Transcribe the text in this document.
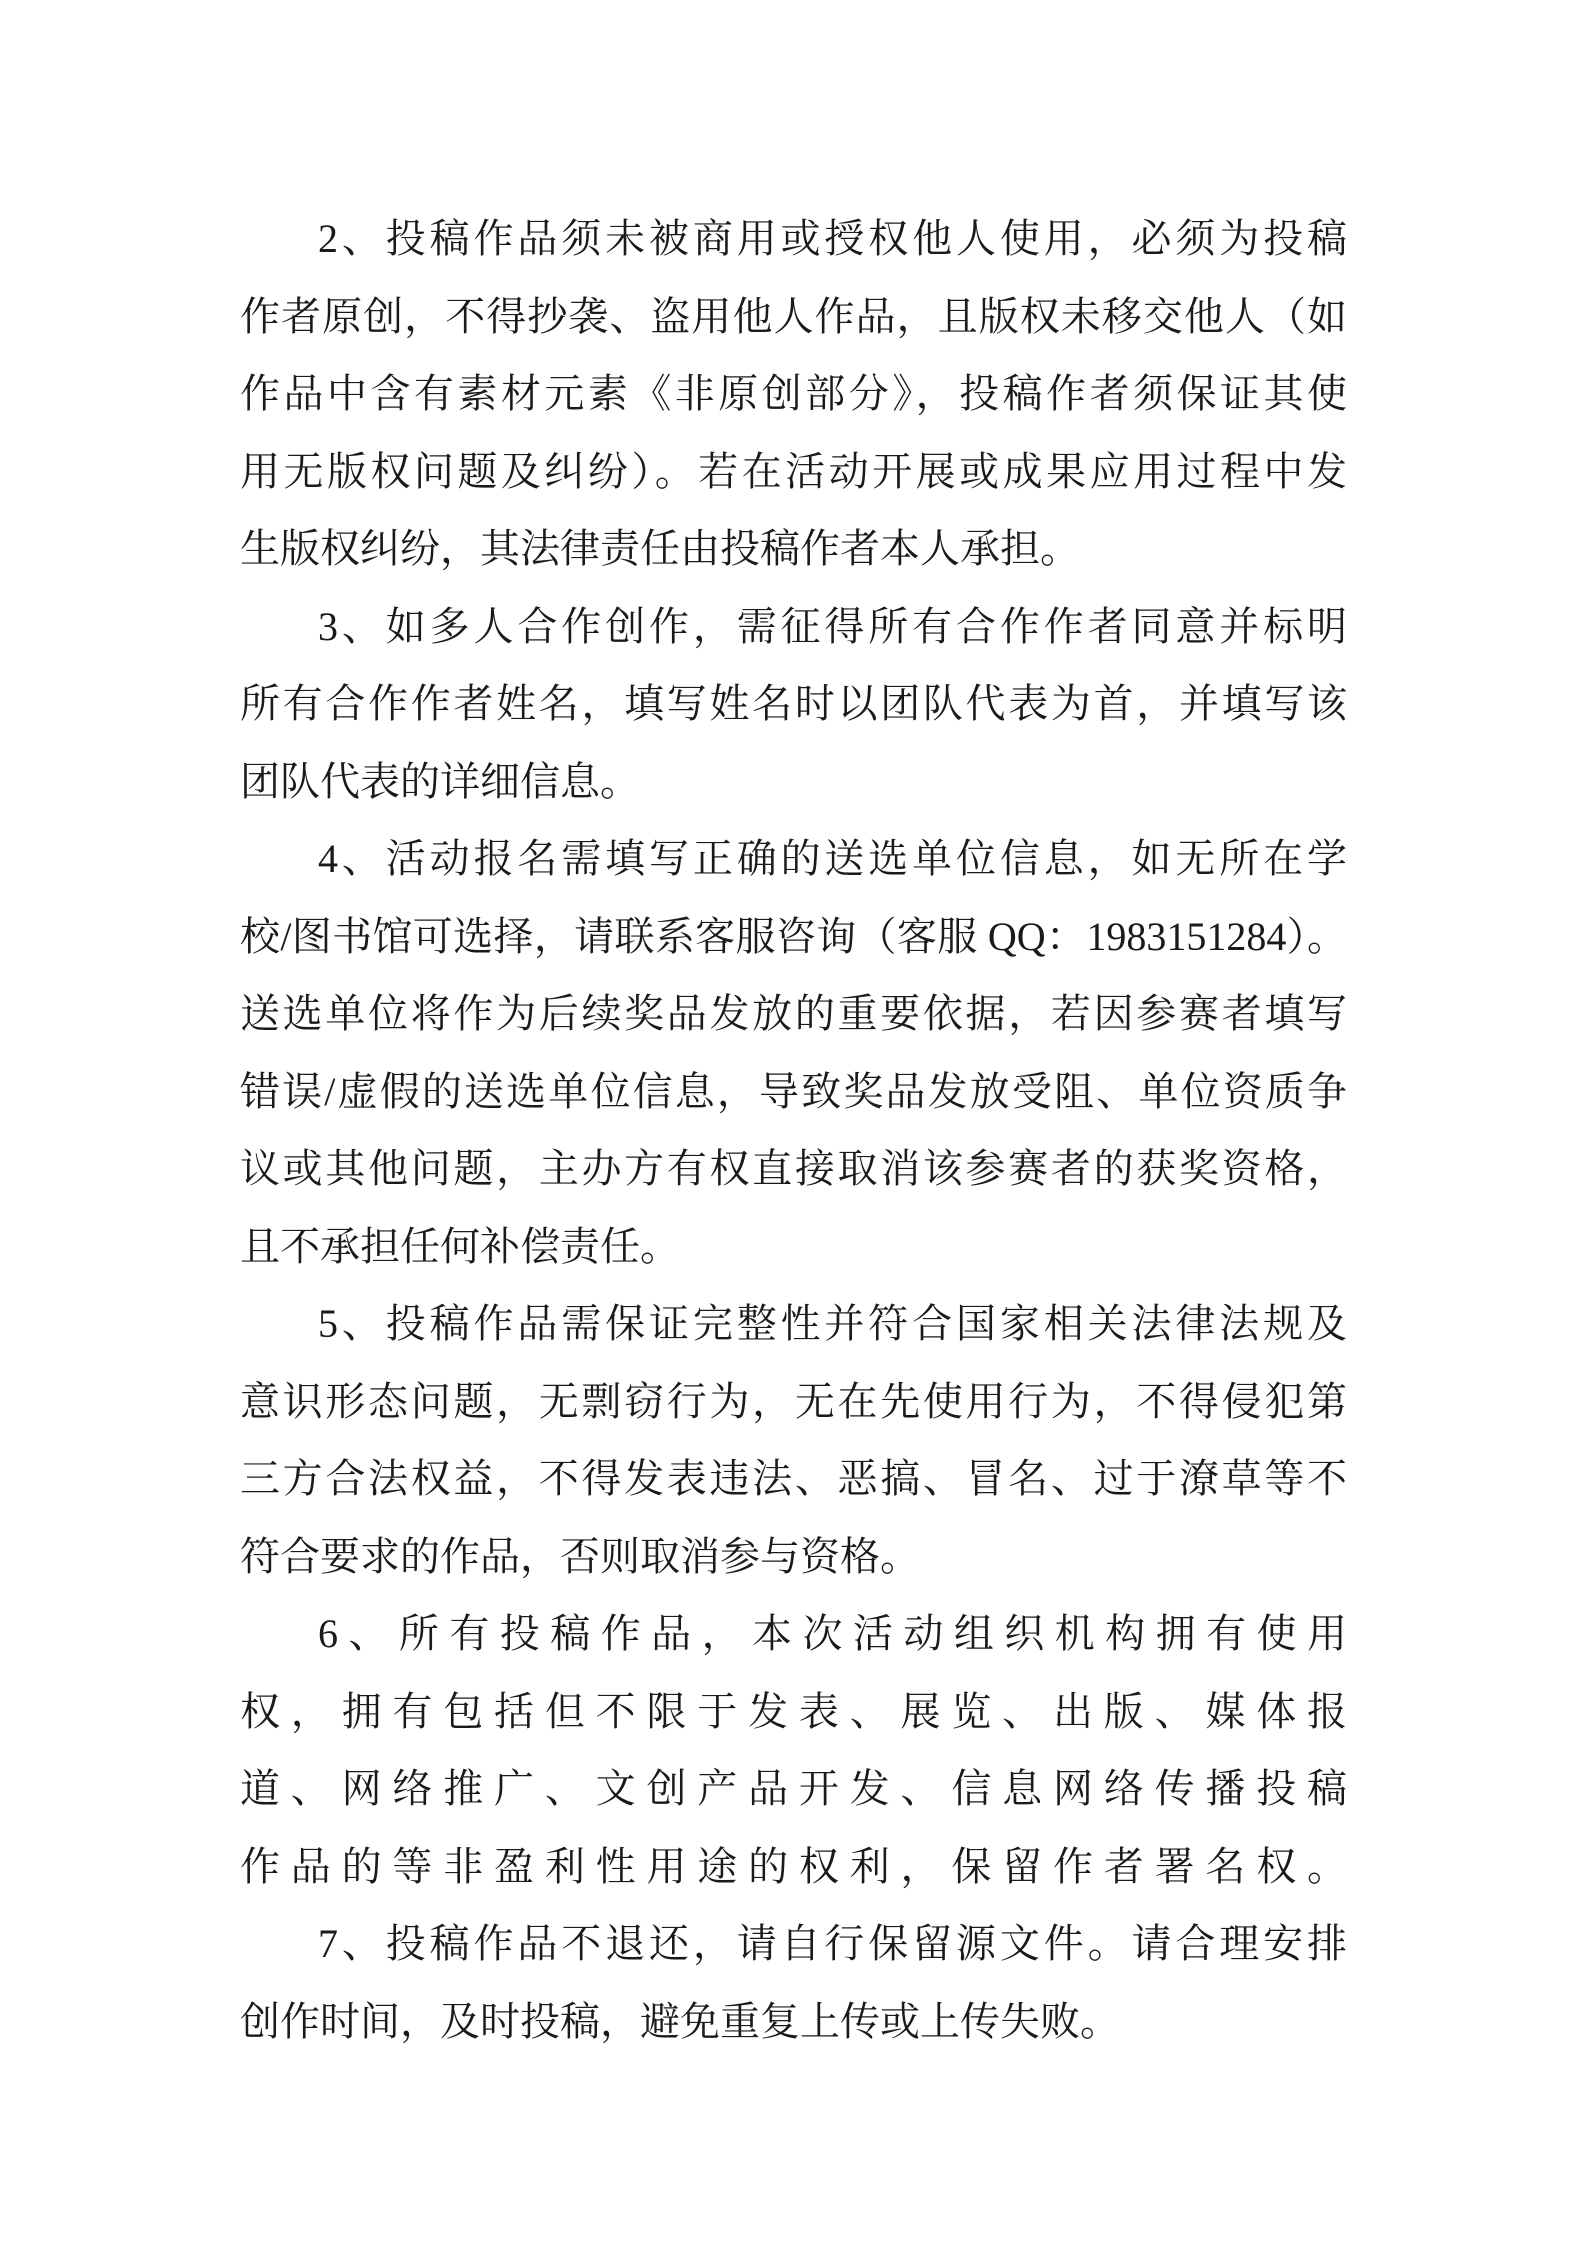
2、投稿作品须未被商用或授权他人使用，必须为投稿
作者原创，不得抄袭、盗用他人作品，且版权未移交他人（如
作品中含有素材元素《非原创部分》，投稿作者须保证其使
用无版权问题及纠纷）。若在活动开展或成果应用过程中发
生版权纠纷，其法律责任由投稿作者本人承担。
3、如多人合作创作，需征得所有合作作者同意并标明
所有合作作者姓名，填写姓名时以团队代表为首，并填写该
团队代表的详细信息。
4、活动报名需填写正确的送选单位信息，如无所在学
校/图书馆可选择，请联系客服咨询（客服 QQ：1983151284）。
送选单位将作为后续奖品发放的重要依据，若因参赛者填写
错误/虚假的送选单位信息，导致奖品发放受阻、单位资质争
议或其他问题，主办方有权直接取消该参赛者的获奖资格，
且不承担任何补偿责任。
5、投稿作品需保证完整性并符合国家相关法律法规及
意识形态问题，无剽窃行为，无在先使用行为，不得侵犯第
三方合法权益，不得发表违法、恶搞、冒名、过于潦草等不
符合要求的作品，否则取消参与资格。
6、所有投稿作品，本次活动组织机构拥有使用
权，拥有包括但不限于发表、展览、出版、媒体报
道、网络推广、文创产品开发、信息网络传播投稿
作品的等非盈利性用途的权利，保留作者署名权。
7、投稿作品不退还，请自行保留源文件。请合理安排
创作时间，及时投稿，避免重复上传或上传失败。
